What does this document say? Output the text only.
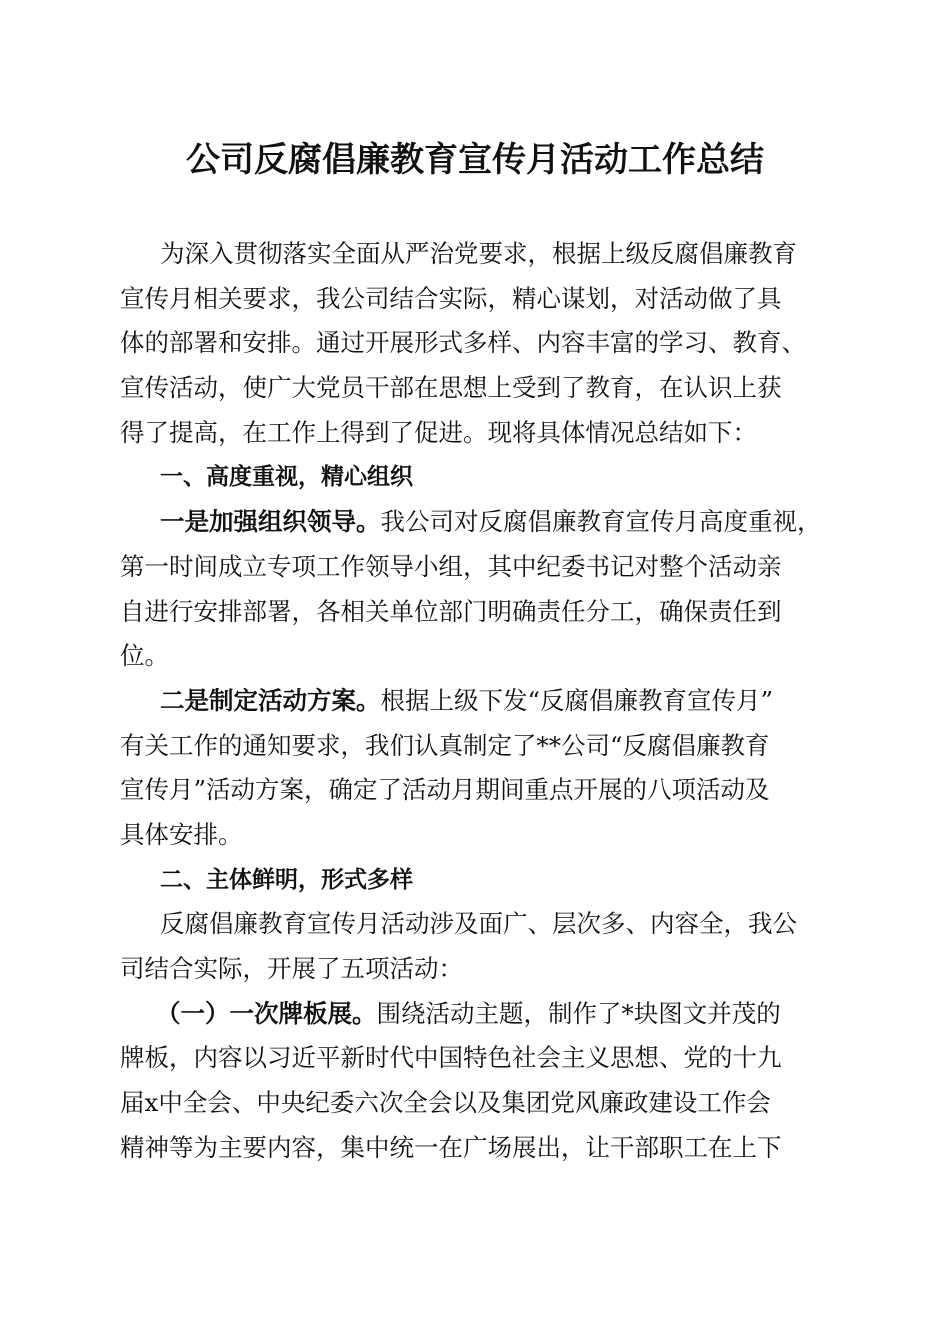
公司反腐倡廉教育宣传月活动工作总结

为深入贯彻落实全面从严治党要求，根据上级反腐倡廉教育

宣传月相关要求，我公司结合实际，精心谋划，对活动做了具

体的部署和安排。通过开展形式多样、内容丰富的学习、教育、

宣传活动，使广大党员干部在思想上受到了教育，在认识上获

得了提高，在工作上得到了促进。现将具体情况总结如下：

一、高度重视，精心组织

一是加强组织领导。我公司对反腐倡廉教育宣传月高度重视，

第一时间成立专项工作领导小组，其中纪委书记对整个活动亲

自进行安排部署，各相关单位部门明确责任分工，确保责任到

位。

二是制定活动方案。根据上级下发“反腐倡廉教育宣传月”

有关工作的通知要求，我们认真制定了**公司“反腐倡廉教育

宣传月”活动方案，确定了活动月期间重点开展的八项活动及

具体安排。

二、主体鲜明，形式多样

反腐倡廉教育宣传月活动涉及面广、层次多、内容全，我公

司结合实际，开展了五项活动：

（一）一次牌板展。围绕活动主题，制作了*块图文并茂的

牌板，内容以习近平新时代中国特色社会主义思想、党的十九

届x中全会、中央纪委六次全会以及集团党风廉政建设工作会

精神等为主要内容，集中统一在广场展出，让干部职工在上下
